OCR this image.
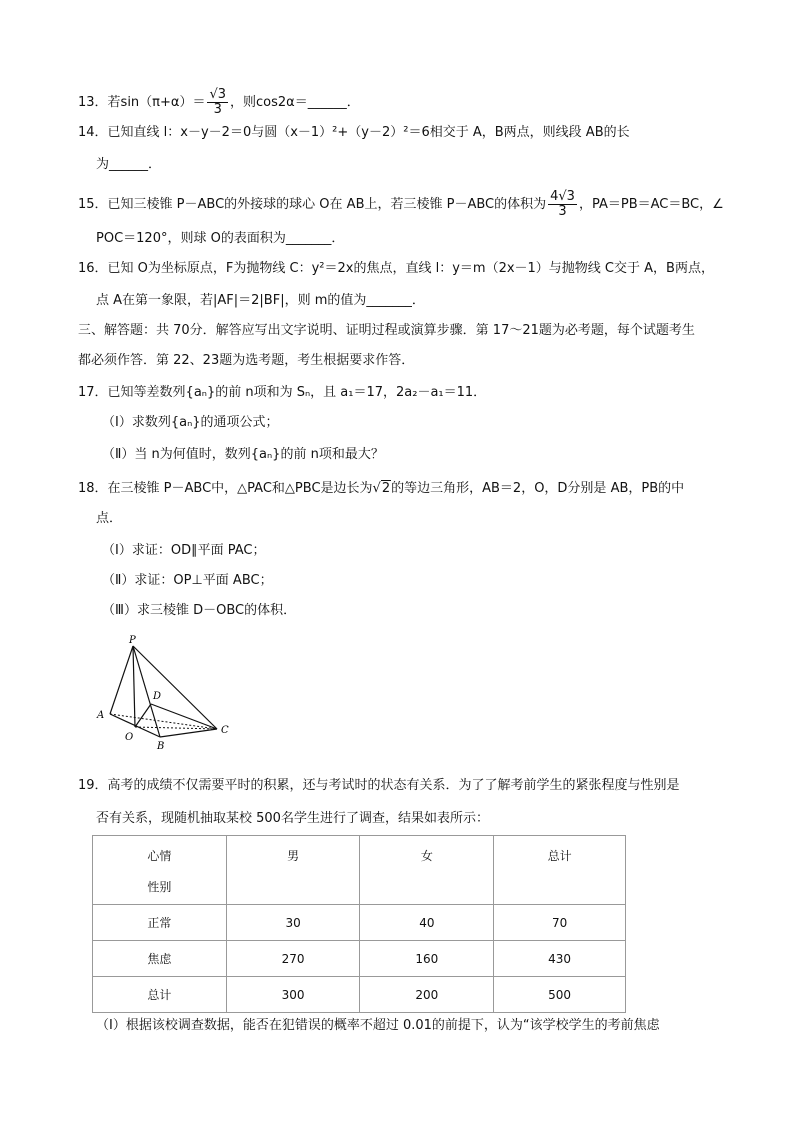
13．若$\sin(\pi+\alpha)= \frac{√3}{3}$ ，则cos2α＝______．
14．已知直线 l：x－y－2＝0与圆（x－1）²+（y－2）²＝6相交于 A，B两点，则线段 AB的长
为______．
15．已知三棱锥 P－ABC的外接球的球心 O在 AB上，若三棱锥 P－ABC的体积为 $\frac{4√3}{3}$ ，PA＝PB＝AC＝BC，∠
POC＝120°，则球 O的表面积为_______．
16．已知 O为坐标原点，F为抛物线 C：y²＝2x的焦点，直线 l：y＝m（2x－1）与抛物线 C交于 A，B两点，
点 A在第一象限，若|AF|＝2|BF|，则 m的值为_______．
三、解答题：共 70分．解答应写出文字说明、证明过程或演算步骤．第 17～21题为必考题，每个试题考生
都必须作答．第 22、23题为选考题，考生根据要求作答．
17．已知等差数列{aₙ}的前 n项和为 Sₙ，且 a₁＝17，2a₂－a₁＝11．
（Ⅰ）求数列{aₙ}的通项公式；
（Ⅱ）当 n为何值时，数列{aₙ}的前 n项和最大？
18．在三棱锥 P－ABC中，△PAC和△PBC是边长为√2的等边三角形，AB＝2，O，D分别是 AB，PB的中
点．
（Ⅰ）求证：OD∥平面 PAC；
（Ⅱ）求证：OP⊥平面 ABC；
（Ⅲ）求三棱锥 D－OBC的体积．
P
A
O
D
B
C
19．高考的成绩不仅需要平时的积累，还与考试时的状态有关系．为了了解考前学生的紧张程度与性别是
否有关系，现随机抽取某校 500名学生进行了调查，结果如表所示：
心情
性别	男	女	总计

正常	30	40	70
焦虑	270	160	430
总计	300	200	500
（Ⅰ）根据该校调查数据，能否在犯错误的概率不超过 0.01的前提下，认为“该学校学生的考前焦虑
